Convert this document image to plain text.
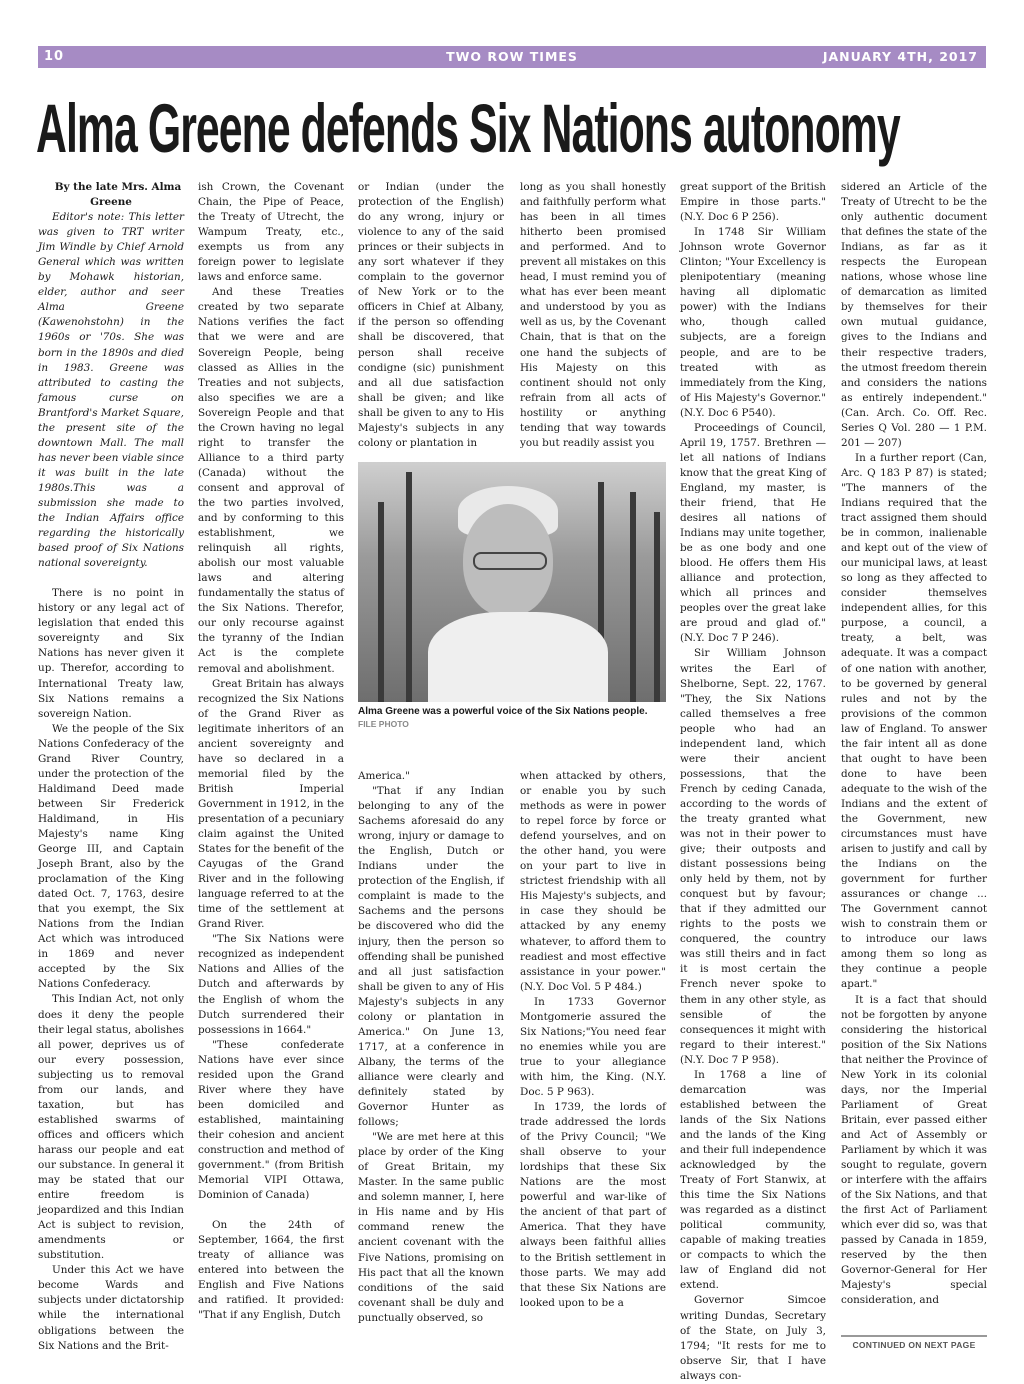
10	TWO ROW TIMES	JANUARY 4TH, 2017
Alma Greene defends Six Nations autonomy

By the late Mrs. Alma Greene

Editor's note: This letter was given to TRT writer Jim Windle by Chief Arnold General which was written by Mohawk historian, elder, author and seer Alma Greene (Kawenohstohn) in the 1960s or '70s. She was born in the 1890s and died in 1983. Greene was attributed to casting the famous curse on Brantford's Market Square, the present site of the downtown Mall. The mall has never been viable since it was built in the late 1980s.This was a submission she made to the Indian Affairs office regarding the historically based proof of Six Nations national sovereignty.

There is no point in history or any legal act of legislation that ended this sovereignty and Six Nations has never given it up. Therefor, according to International Treaty law, Six Nations remains a sovereign Nation.

We the people of the Six Nations Confederacy of the Grand River Country, under the protection of the Haldimand Deed made between Sir Frederick Haldimand, in His Majesty's name King George III, and Captain Joseph Brant, also by the proclamation of the King dated Oct. 7, 1763, desire that you exempt, the Six Nations from the Indian Act which was introduced in 1869 and never accepted by the Six Nations Confederacy.

This Indian Act, not only does it deny the people their legal status, abolishes all power, deprives us of our every possession, subjecting us to removal from our lands, and taxation, but has established swarms of offices and officers which harass our people and eat our substance. In general it may be stated that our entire freedom is jeopardized and this Indian Act is subject to revision, amendments or substitution.

Under this Act we have become Wards and subjects under dictatorship while the international obligations between the Six Nations and the Brit-

ish Crown, the Covenant Chain, the Pipe of Peace, the Treaty of Utrecht, the Wampum Treaty, etc., exempts us from any foreign power to legislate laws and enforce same.

And these Treaties created by two separate Nations verifies the fact that we were and are Sovereign People, being classed as Allies in the Treaties and not subjects, also specifies we are a Sovereign People and that the Crown having no legal right to transfer the Alliance to a third party (Canada) without the consent and approval of the two parties involved, and by conforming to this establishment, we relinquish all rights, abolish our most valuable laws and altering fundamentally the status of the Six Nations. Therefor, our only recourse against the tyranny of the Indian Act is the complete removal and abolishment.

Great Britain has always recognized the Six Nations of the Grand River as legitimate inheritors of an ancient sovereignty and have so declared in a memorial filed by the British Imperial Government in 1912, in the presentation of a pecuniary claim against the United States for the benefit of the Cayugas of the Grand River and in the following language referred to at the time of the settlement at Grand River.

"The Six Nations were recognized as independent Nations and Allies of the Dutch and afterwards by the English of whom the Dutch surrendered their possessions in 1664."

"These confederate Nations have ever since resided upon the Grand River where they have been domiciled and established, maintaining their cohesion and ancient construction and method of government." (from British Memorial VIPI Ottawa, Dominion of Canada)

On the 24th of September, 1664, the first treaty of alliance was entered into between the English and Five Nations and ratified. It provided: "That if any English, Dutch

or Indian (under the protection of the English) do any wrong, injury or violence to any of the said princes or their subjects in any sort whatever if they complain to the governor of New York or to the officers in Chief at Albany, if the person so offending shall be discovered, that person shall receive condigne (sic) punishment and all due satisfaction shall be given; and like shall be given to any to His Majesty's subjects in any colony or plantation in

Alma Greene was a powerful voice of the Six Nations people. FILE PHOTO

America."

"That if any Indian belonging to any of the Sachems aforesaid do any wrong, injury or damage to the English, Dutch or Indians under the protection of the English, if complaint is made to the Sachems and the persons be discovered who did the injury, then the person so offending shall be punished and all just satisfaction shall be given to any of His Majesty's subjects in any colony or plantation in America." On June 13, 1717, at a conference in Albany, the terms of the alliance were clearly and definitely stated by Governor Hunter as follows;

"We are met here at this place by order of the King of Great Britain, my Master. In the same public and solemn manner, I, here in His name and by His command renew the ancient covenant with the Five Nations, promising on His pact that all the known conditions of the said covenant shall be duly and punctually observed, so

long as you shall honestly and faithfully perform what has been in all times hitherto been promised and performed. And to prevent all mistakes on this head, I must remind you of what has ever been meant and understood by you as well as us, by the Covenant Chain, that is that on the one hand the subjects of His Majesty on this continent should not only refrain from all acts of hostility or anything tending that way towards you but readily assist you

when attacked by others, or enable you by such methods as were in power to repel force by force or defend yourselves, and on the other hand, you were on your part to live in strictest friendship with all His Majesty's subjects, and in case they should be attacked by any enemy whatever, to afford them to readiest and most effective assistance in your power." (N.Y. Doc Vol. 5 P 484.)

In 1733 Governor Montgomerie assured the Six Nations;"You need fear no enemies while you are true to your allegiance with him, the King. (N.Y. Doc. 5 P 963).

In 1739, the lords of trade addressed the lords of the Privy Council; "We shall observe to your lordships that these Six Nations are the most powerful and war-like of the ancient of that part of America. That they have always been faithful allies to the British settlement in those parts. We may add that these Six Nations are looked upon to be a

great support of the British Empire in those parts." (N.Y. Doc 6 P 256).

In 1748 Sir William Johnson wrote Governor Clinton; "Your Excellency is plenipotentiary (meaning having all diplomatic power) with the Indians who, though called subjects, are a foreign people, and are to be treated with as immediately from the King, of His Majesty's Governor." (N.Y. Doc 6 P540).

Proceedings of Council, April 19, 1757. Brethren — let all nations of Indians know that the great King of England, my master, is their friend, that He desires all nations of Indians may unite together, be as one body and one blood. He offers them His alliance and protection, which all princes and peoples over the great lake are proud and glad of." (N.Y. Doc 7 P 246).

Sir William Johnson writes the Earl of Shelborne, Sept. 22, 1767. "They, the Six Nations called themselves a free people who had an independent land, which were their ancient possessions, that the French by ceding Canada, according to the words of the treaty granted what was not in their power to give; their outposts and distant possessions being only held by them, not by conquest but by favour; that if they admitted our rights to the posts we conquered, the country was still theirs and in fact it is most certain the French never spoke to them in any other style, as sensible of the consequences it might with regard to their interest." (N.Y. Doc 7 P 958).

In 1768 a line of demarcation was established between the lands of the Six Nations and the lands of the King and their full independence acknowledged by the Treaty of Fort Stanwix, at this time the Six Nations was regarded as a distinct political community, capable of making treaties or compacts to which the law of England did not extend.

Governor Simcoe writing Dundas, Secretary of the State, on July 3, 1794; "It rests for me to observe Sir, that I have always con-

sidered an Article of the Treaty of Utrecht to be the only authentic document that defines the state of the Indians, as far as it respects the European nations, whose whose line of demarcation as limited by themselves for their own mutual guidance, gives to the Indians and their respective traders, the utmost freedom therein and considers the nations as entirely independent." (Can. Arch. Co. Off. Rec. Series Q Vol. 280 — 1 P.M. 201 — 207)

In a further report (Can, Arc. Q 183 P 87) is stated; "The manners of the Indians required that the tract assigned them should be in common, inalienable and kept out of the view of our municipal laws, at least so long as they affected to consider themselves independent allies, for this purpose, a council, a treaty, a belt, was adequate. It was a compact of one nation with another, to be governed by general rules and not by the provisions of the common law of England. To answer the fair intent all as done that ought to have been done to have been adequate to the wish of the Indians and the extent of the Government, new circumstances must have arisen to justify and call by the Indians on the government for further assurances or change ... The Government cannot wish to constrain them or to introduce our laws among them so long as they continue a people apart."

It is a fact that should not be forgotten by anyone considering the historical position of the Six Nations that neither the Province of New York in its colonial days, nor the Imperial Parliament of Great Britain, ever passed either and Act of Assembly or Parliament by which it was sought to regulate, govern or interfere with the affairs of the Six Nations, and that the first Act of Parliament which ever did so, was that passed by Canada in 1859, reserved by the then Governor-General for Her Majesty's special consideration, and

CONTINUED ON NEXT PAGE
